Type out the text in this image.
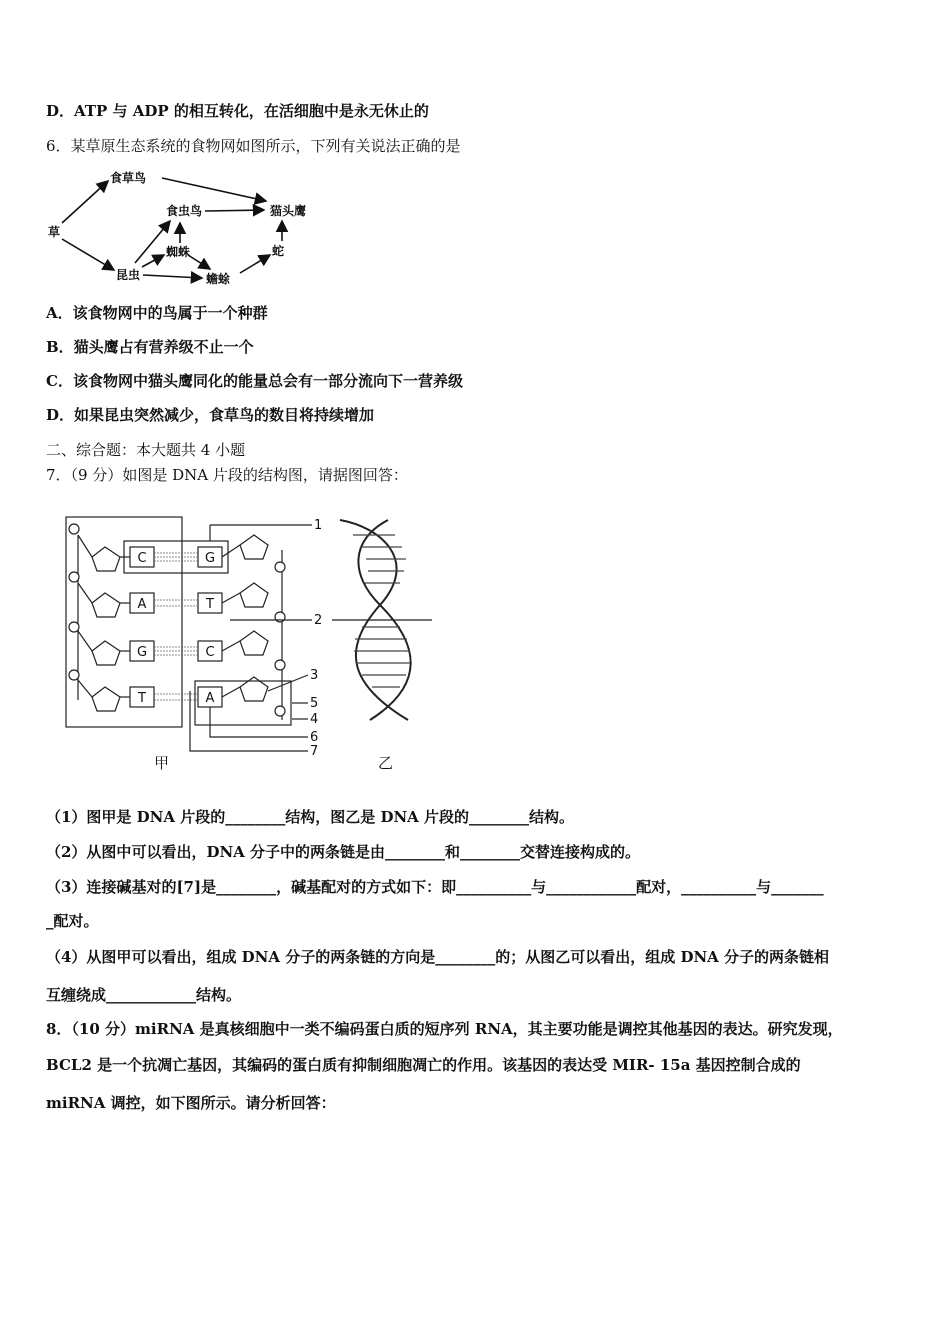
D．ATP 与 ADP 的相互转化，在活细胞中是永无休止的
6．某草原生态系统的食物网如图所示，下列有关说法正确的是
草
食草鸟
食虫鸟	猫头鹰
蜘蛛
昆虫	蟾蜍
蛇
A．该食物网中的鸟属于一个种群
B．猫头鹰占有营养级不止一个
C．该食物网中猫头鹰同化的能量总会有一部分流向下一营养级
D．如果昆虫突然减少，食草鸟的数目将持续增加
二、综合题：本大题共 4 小题
7．（9 分）如图是 DNA 片段的结构图，请据图回答：
C
A
G
T
G
T
C
A
1
2
3
5
4
6
7
甲	乙
（1）图甲是 DNA 片段的________结构，图乙是 DNA 片段的________结构。
（2）从图中可以看出，DNA 分子中的两条链是由________和________交替连接构成的。
（3）连接碱基对的[7]是________，碱基配对的方式如下：即__________与____________配对，__________与_______
_配对。
（4）从图甲可以看出，组成 DNA 分子的两条链的方向是________的；从图乙可以看出，组成 DNA 分子的两条链相
互缠绕成____________结构。
8．（10 分）miRNA 是真核细胞中一类不编码蛋白质的短序列 RNA，其主要功能是调控其他基因的表达。研究发现，
BCL2 是一个抗凋亡基因，其编码的蛋白质有抑制细胞凋亡的作用。该基因的表达受 MIR- 15a 基因控制合成的
miRNA 调控，如下图所示。请分析回答：
